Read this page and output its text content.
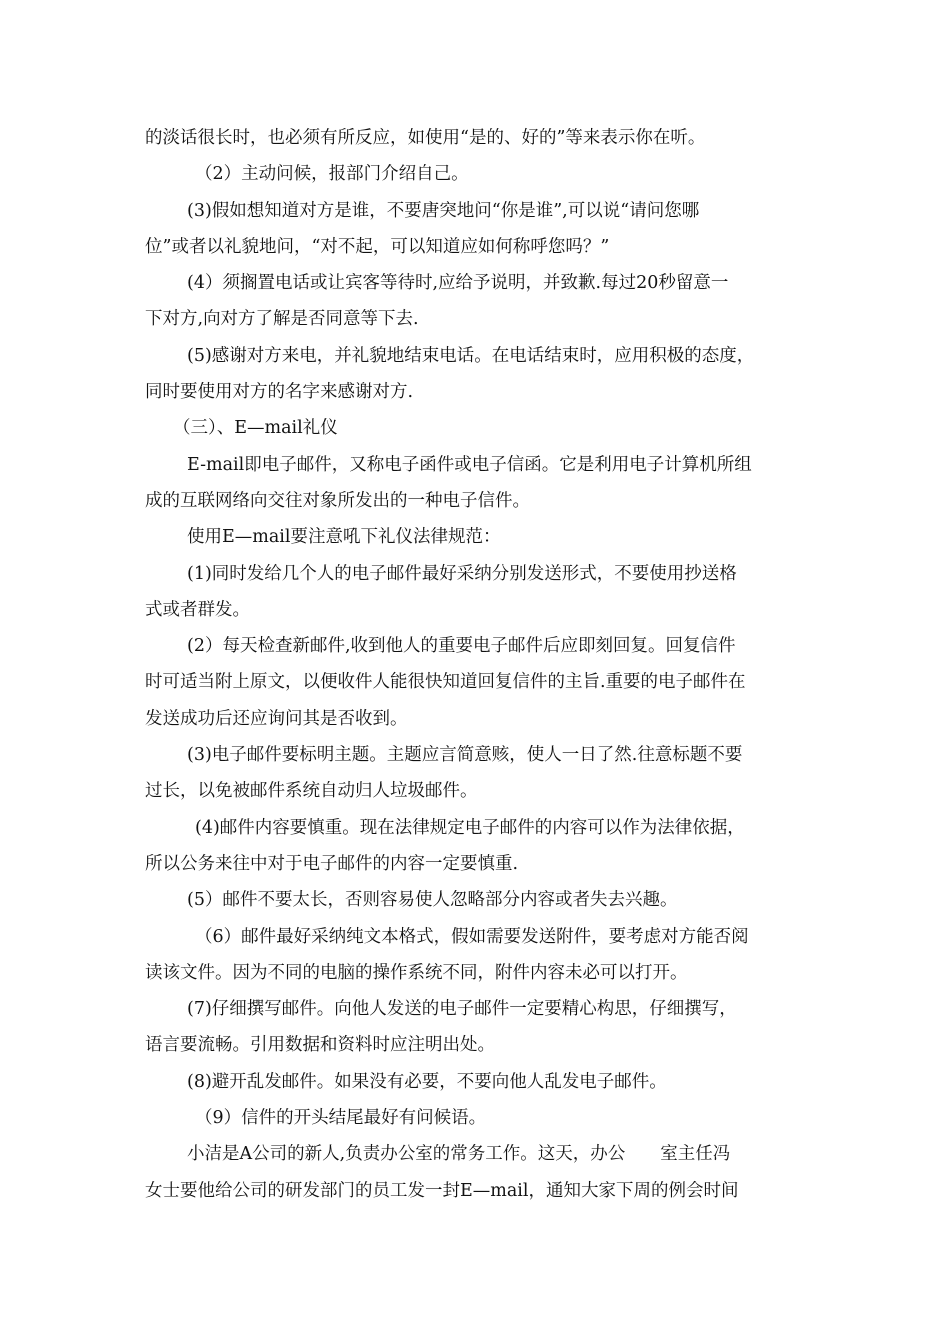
的淡话很长时，也必须有所反应，如使用“是的、好的”等来表示你在听。
（2）主动问候，报部门介绍自己。
(3)假如想知道对方是谁，不要唐突地问“你是谁”,可以说“请问您哪
位”或者以礼貌地问，“对不起，可以知道应如何称呼您吗？”
(4）须搁置电话或让宾客等待时,应给予说明，并致歉.每过20秒留意一
下对方,向对方了解是否同意等下去.
(5)感谢对方来电，并礼貌地结束电话。在电话结束时，应用积极的态度，
同时要使用对方的名字来感谢对方.
（三）、E—mail礼仪
E-mail即电子邮件，又称电子函件或电子信函。它是利用电子计算机所组
成的互联网络向交往对象所发出的一种电子信件。
使用E—mail要注意吼下礼仪法律规范：
(1)同时发给几个人的电子邮件最好采纳分别发送形式，不要使用抄送格
式或者群发。
(2）每天检查新邮件,收到他人的重要电子邮件后应即刻回复。回复信件
时可适当附上原文，以便收件人能很快知道回复信件的主旨.重要的电子邮件在
发送成功后还应询问其是否收到。
(3)电子邮件要标明主题。主题应言简意赅，使人一日了然.往意标题不要
过长，以免被邮件系统自动归人垃圾邮件。
(4)邮件内容要慎重。现在法律规定电子邮件的内容可以作为法律依据，
所以公务来往中对于电子邮件的内容一定要慎重.
(5）邮件不要太长，否则容易使人忽略部分内容或者失去兴趣。
（6）邮件最好采纳纯文本格式，假如需要发送附件，要考虑对方能否阅
读该文件。因为不同的电脑的操作系统不同，附件内容未必可以打开。
(7)仔细撰写邮件。向他人发送的电子邮件一定要精心构思，仔细撰写，
语言要流畅。引用数据和资料时应注明出处。
(8)避开乱发邮件。如果没有必要，不要向他人乱发电子邮件。
（9）信件的开头结尾最好有问候语。
小洁是A公司的新人,负责办公室的常务工作。这天，办公　　室主任冯
女士要他给公司的研发部门的员工发一封E—mail，通知大家下周的例会时间
